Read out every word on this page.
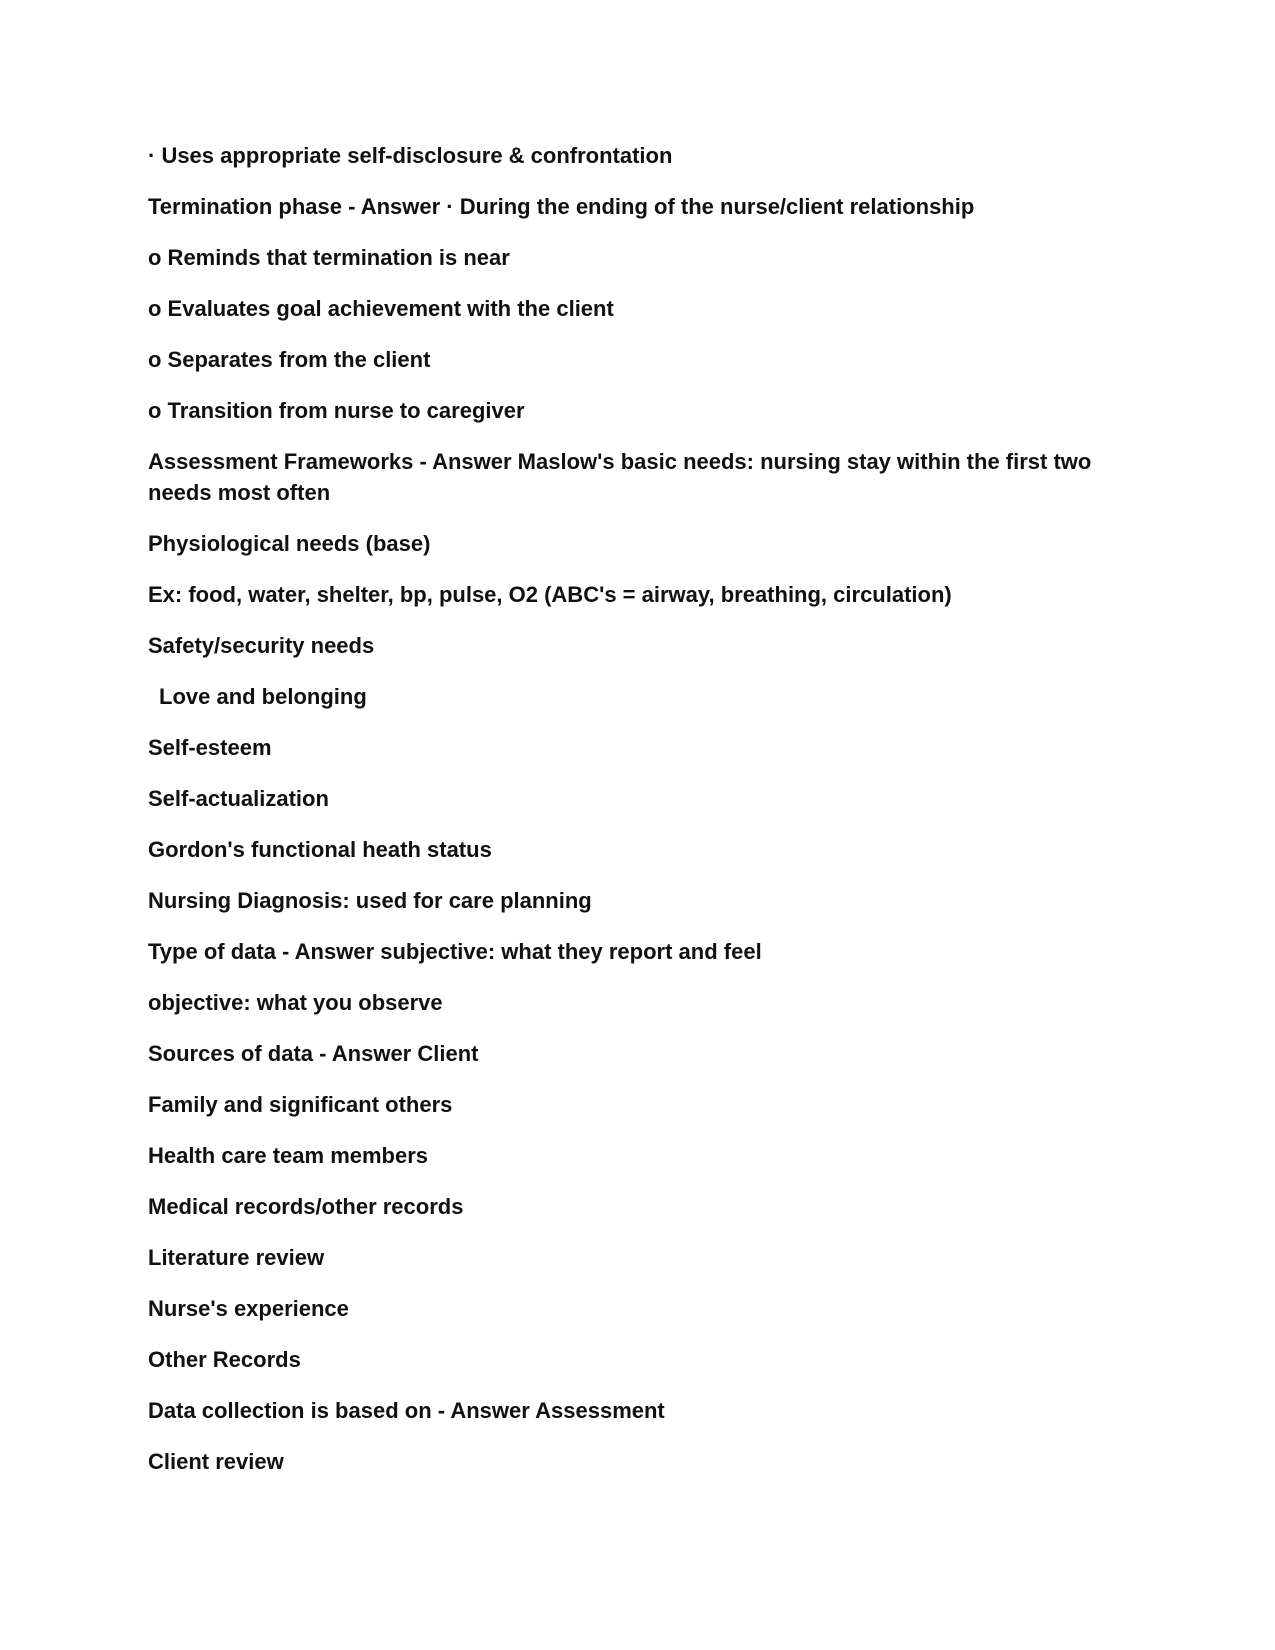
· Uses appropriate self-disclosure & confrontation

Termination phase - Answer · During the ending of the nurse/client relationship

o Reminds that termination is near

o Evaluates goal achievement with the client

o Separates from the client

o Transition from nurse to caregiver

Assessment Frameworks - Answer Maslow's basic needs: nursing stay within the first two needs most often

Physiological needs (base)

Ex: food, water, shelter, bp, pulse, O2 (ABC's = airway, breathing, circulation)

Safety/security needs

Love and belonging

Self-esteem

Self-actualization

Gordon's functional heath status

Nursing Diagnosis: used for care planning

Type of data - Answer subjective: what they report and feel

objective: what you observe

Sources of data - Answer Client

Family and significant others

Health care team members

Medical records/other records

Literature review

Nurse's experience

Other Records

Data collection is based on - Answer Assessment

Client review
